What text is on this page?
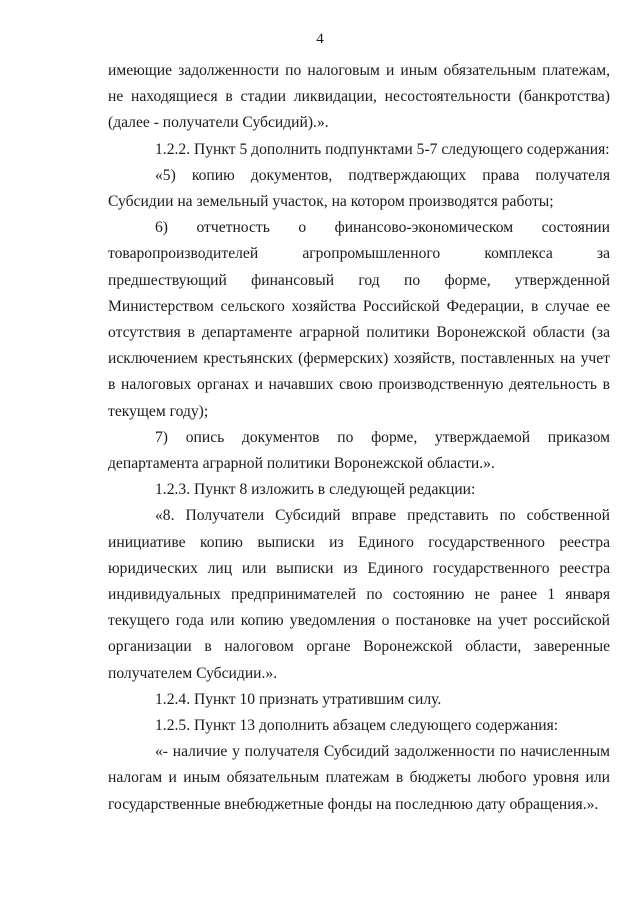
4

имеющие задолженности по налоговым и иным обязательным платежам, не находящиеся в стадии ликвидации, несостоятельности (банкротства) (далее - получатели Субсидий).».

1.2.2. Пункт 5 дополнить подпунктами 5-7 следующего содержания:

«5) копию документов, подтверждающих права получателя Субсидии на земельный участок, на котором производятся работы;

6) отчетность о финансово-экономическом состоянии товаропроизводителей агропромышленного комплекса за предшествующий финансовый год по форме, утвержденной Министерством сельского хозяйства Российской Федерации, в случае ее отсутствия в департаменте аграрной политики Воронежской области (за исключением крестьянских (фермерских) хозяйств, поставленных на учет в налоговых органах и начавших свою производственную деятельность в текущем году);

7) опись документов по форме, утверждаемой приказом департамента аграрной политики Воронежской области.».

1.2.3. Пункт 8 изложить в следующей редакции:

«8. Получатели Субсидий вправе представить по собственной инициативе копию выписки из Единого государственного реестра юридических лиц или выписки из Единого государственного реестра индивидуальных предпринимателей по состоянию не ранее 1 января текущего года или копию уведомления о постановке на учет российской организации в налоговом органе Воронежской области, заверенные получателем Субсидии.».

1.2.4. Пункт 10 признать утратившим силу.

1.2.5. Пункт 13 дополнить абзацем следующего содержания:

«- наличие у получателя Субсидий задолженности по начисленным налогам и иным обязательным платежам в бюджеты любого уровня или государственные внебюджетные фонды на последнюю дату обращения.».
